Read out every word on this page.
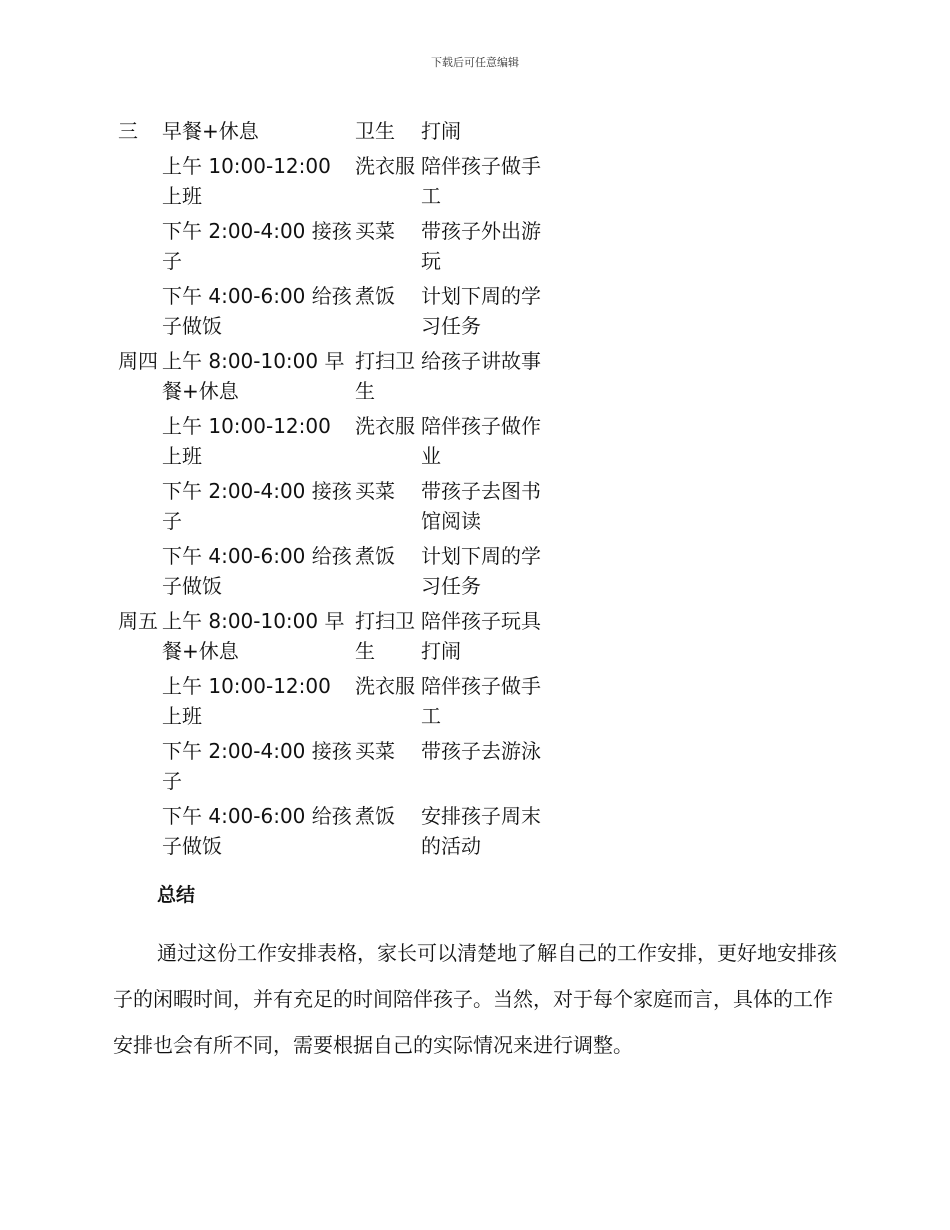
下载后可任意编辑
三	早餐+休息	卫生	打闹
	上午 10:00-12:00 上班	洗衣服	陪伴孩子做手工
	下午 2:00-4:00 接孩子	买菜	带孩子外出游玩
	下午 4:00-6:00 给孩子做饭	煮饭	计划下周的学习任务
周四	上午 8:00-10:00 早餐+休息	打扫卫生	给孩子讲故事
	上午 10:00-12:00 上班	洗衣服	陪伴孩子做作业
	下午 2:00-4:00 接孩子	买菜	带孩子去图书馆阅读
	下午 4:00-6:00 给孩子做饭	煮饭	计划下周的学习任务
周五	上午 8:00-10:00 早餐+休息	打扫卫生	陪伴孩子玩具打闹
	上午 10:00-12:00 上班	洗衣服	陪伴孩子做手工
	下午 2:00-4:00 接孩子	买菜	带孩子去游泳
	下午 4:00-6:00 给孩子做饭	煮饭	安排孩子周末的活动
总结

通过这份工作安排表格，家长可以清楚地了解自己的工作安排，更好地安排孩子的闲暇时间，并有充足的时间陪伴孩子。当然，对于每个家庭而言，具体的工作安排也会有所不同，需要根据自己的实际情况来进行调整。
